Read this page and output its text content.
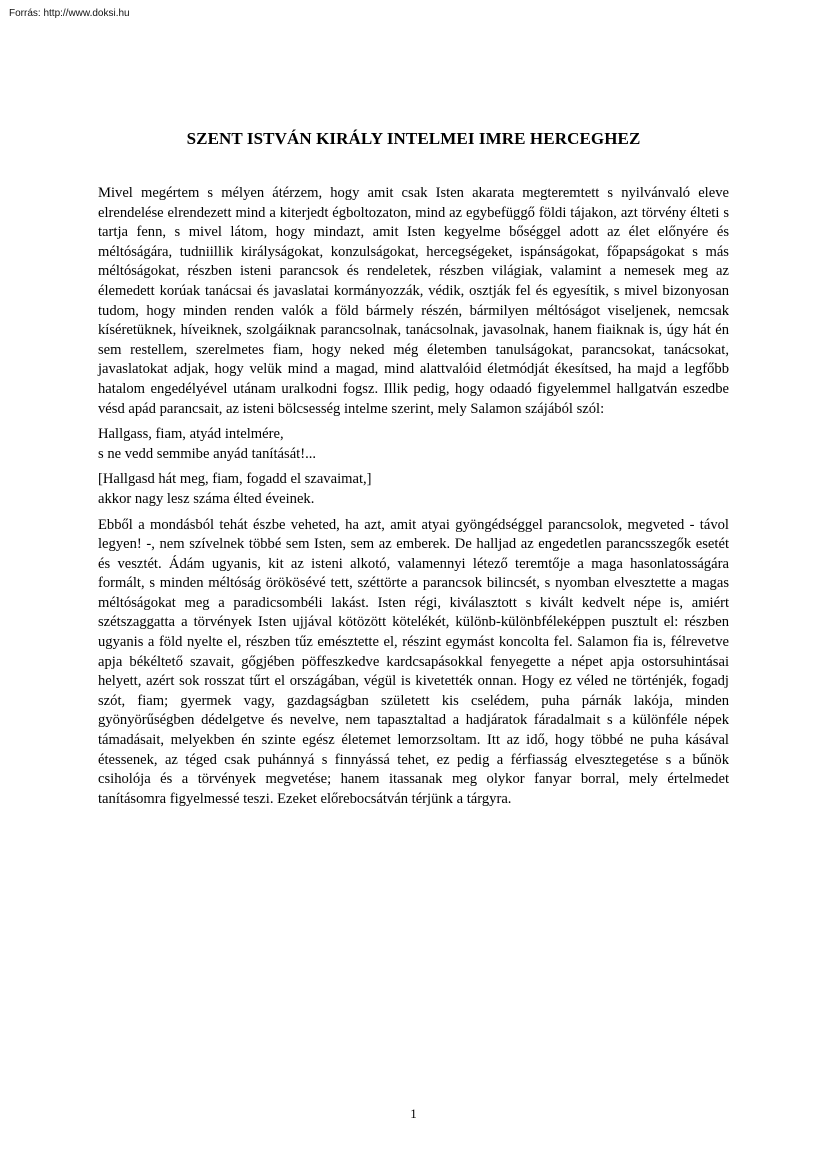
Forrás: http://www.doksi.hu
SZENT ISTVÁN KIRÁLY INTELMEI IMRE HERCEGHEZ

Mivel megértem s mélyen átérzem, hogy amit csak Isten akarata megteremtett s nyilvánvaló eleve elrendelése elrendezett mind a kiterjedt égboltozaton, mind az egybefüggő földi tájakon, azt törvény élteti s tartja fenn, s mivel látom, hogy mindazt, amit Isten kegyelme bőséggel adott az élet előnyére és méltóságára, tudniillik királyságokat, konzulságokat, hercegségeket, ispánságokat, főpapságokat s más méltóságokat, részben isteni parancsok és rendeletek, részben világiak, valamint a nemesek meg az élemedett korúak tanácsai és javaslatai kormányozzák, védik, osztják fel és egyesítik, s mivel bizonyosan tudom, hogy minden renden valók a föld bármely részén, bármilyen méltóságot viseljenek, nemcsak kíséretüknek, híveiknek, szolgáiknak parancsolnak, tanácsolnak, javasolnak, hanem fiaiknak is, úgy hát én sem restellem, szerelmetes fiam, hogy neked még életemben tanulságokat, parancsokat, tanácsokat, javaslatokat adjak, hogy velük mind a magad, mind alattvalóid életmódját ékesítsed, ha majd a legfőbb hatalom engedélyével utánam uralkodni fogsz. Illik pedig, hogy odaadó figyelemmel hallgatván eszedbe vésd apád parancsait, az isteni bölcsesség intelme szerint, mely Salamon szájából szól:

Hallgass, fiam, atyád intelmére,
s ne vedd semmibe anyád tanítását!...
[Hallgasd hát meg, fiam, fogadd el szavaimat,]
akkor nagy lesz száma élted éveinek.

Ebből a mondásból tehát észbe veheted, ha azt, amit atyai gyöngédséggel parancsolok, megveted - távol legyen! -, nem szívelnek többé sem Isten, sem az emberek. De halljad az engedetlen parancsszegők esetét és vesztét. Ádám ugyanis, kit az isteni alkotó, valamennyi létező teremtője a maga hasonlatosságára formált, s minden méltóság örökösévé tett, széttörte a parancsok bilincsét, s nyomban elvesztette a magas méltóságokat meg a paradicsombéli lakást. Isten régi, kiválasztott s kivált kedvelt népe is, amiért szétszaggatta a törvények Isten ujjával kötözött kötelékét, különb-különbféleképpen pusztult el: részben ugyanis a föld nyelte el, részben tűz emésztette el, részint egymást koncolta fel. Salamon fia is, félrevetve apja békéltető szavait, gőgjében pöffeszkedve kardcsapásokkal fenyegette a népet apja ostorsuhintásai helyett, azért sok rosszat tűrt el országában, végül is kivetették onnan. Hogy ez véled ne történjék, fogadj szót, fiam; gyermek vagy, gazdagságban született kis cselédem, puha párnák lakója, minden gyönyörűségben dédelgetve és nevelve, nem tapasztaltad a hadjáratok fáradalmait s a különféle népek támadásait, melyekben én szinte egész életemet lemorzsoltam. Itt az idő, hogy többé ne puha kásával étessenek, az téged csak puhánnyá s finnyássá tehet, ez pedig a férfiasság elvesztegetése s a bűnök csiholója és a törvények megvetése; hanem itassanak meg olykor fanyar borral, mely értelmedet tanításomra figyelmessé teszi. Ezeket előrebocsátván térjünk a tárgyra.

1
